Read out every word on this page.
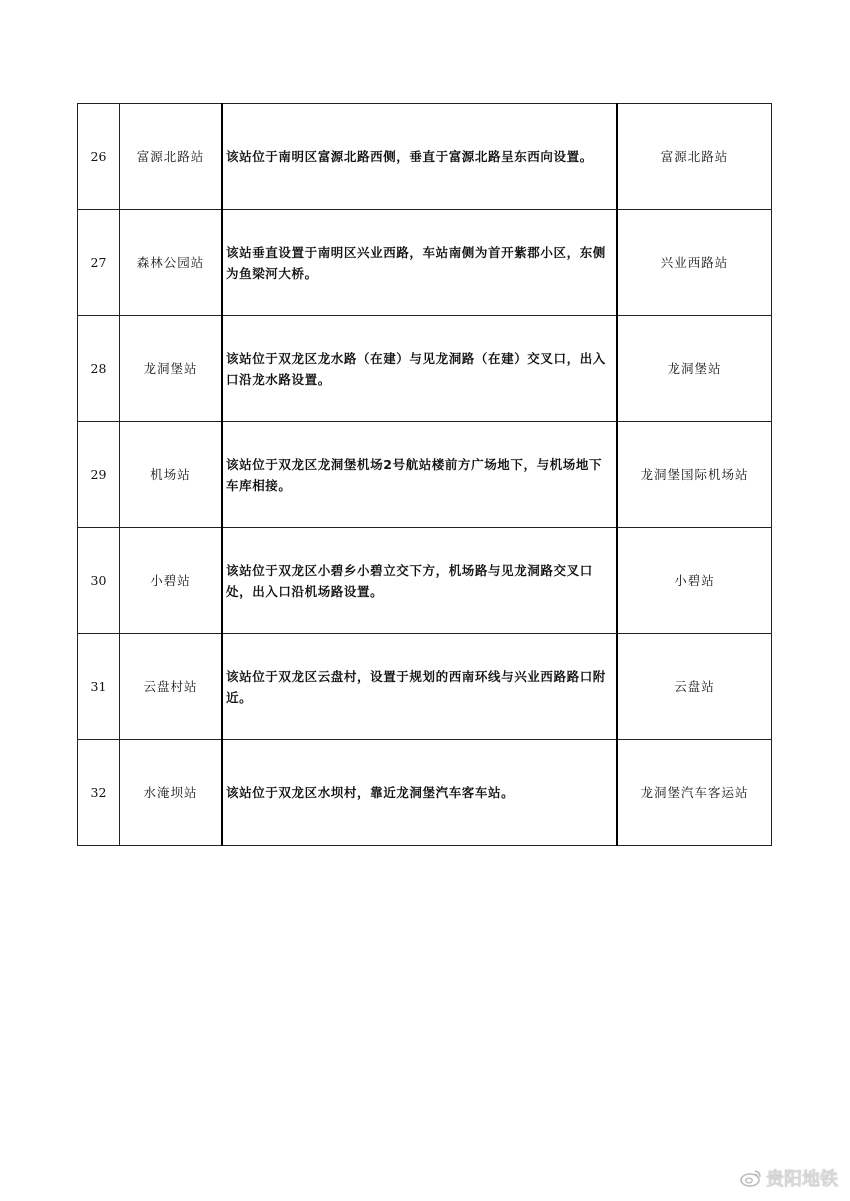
26	富源北路站	该站位于南明区富源北路西侧，垂直于富源北路呈东西向设置。	富源北路站
27	森林公园站	该站垂直设置于南明区兴业西路，车站南侧为首开紫郡小区，东侧为鱼梁河大桥。	兴业西路站
28	龙洞堡站	该站位于双龙区龙水路（在建）与见龙洞路（在建）交叉口，出入口沿龙水路设置。	龙洞堡站
29	机场站	该站位于双龙区龙洞堡机场2号航站楼前方广场地下，与机场地下车库相接。	龙洞堡国际机场站
30	小碧站	该站位于双龙区小碧乡小碧立交下方，机场路与见龙洞路交叉口处，出入口沿机场路设置。	小碧站
31	云盘村站	该站位于双龙区云盘村，设置于规划的西南环线与兴业西路路口附近。	云盘站
32	水淹坝站	该站位于双龙区水坝村，靠近龙洞堡汽车客车站。	龙洞堡汽车客运站
贵阳地铁
